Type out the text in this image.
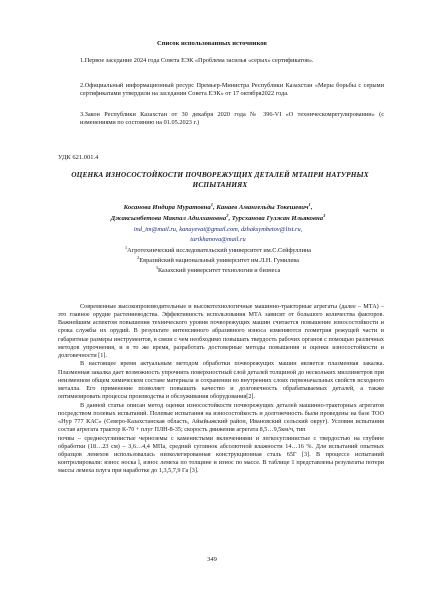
Список использованных источников
1.Первое заседание 2024 года Совета ЕЭК «Проблема засилья «серых» сертификатов».
2.Официальный информационный ресурс Премьер-Министра Республики Казахстан «Меры борьбы с серыми сертификатами утвердили на заседании Совета ЕЭК» от 17 октября2022 года.
3.Закон Республики Казахстан от 30 декабря 2020 года № 396-VI «О техническомрегулировании» (с изменениями по состоянию на 01.05.2023 г.)
УДК 621.001.4
ОЦЕНКА ИЗНОСОСТОЙКОСТИ ПОЧВОРЕЖУЩИХ ДЕТАЛЕЙ МТАПРИ НАТУРНЫХ ИСПЫТАНИЯХ
Косанова Индира Муратовна$^1$, Канаев Амангельды Токешевич$^1$,
Джаксымбетова Макпал Адилхановна$^2$, Турсханова Гулжан Ильяковна$^3$
ind_im@mail.ru, kanayevat@gmail.com, dzhaksymbetov@list.ru,
turikhanova@mail.ru
$^1$Агротехнический исследовательский университет им.С.Сейфуллина
$^2$Евразийский национальный университет им.Л.Н. Гумилева
$^3$Казахский университет технологии и бизнеса

Современные высокопроизводительные и высокотехнологичные машинно-тракторные агрегаты (далее – МТА) – это главное орудие растениеводства. Эффективность использования МТА зависит от большого количества факторов. Важнейшим аспектом повышения технического уровня почворежущих машин считается повышение износостойкости и срока службы их орудий. В результате интенсивного абразивного износа изменяются геометрия режущей части и габаритные размеры инструментов, в связи с чем необходимо повышать твердость рабочих органов с помощью различных методов упрочнения, и в то же время, разработать достоверные методы повышения и оценки износостойкости и долговечности [1].

В настоящее время актуальным методом обработки почворежущих машин является плазменная закалка. Плазменная закалка дает возможность упрочнить поверхностный слой деталей толщиной до нескольких миллиметров при неизменном общем химическом составе материала и сохранении во внутренних слоях первоначальных свойств исходного металла. Его применение позволяет повышать качество и долговечность обрабатываемых деталей, а также оптимизировать процессы производства и обслуживания оборудования[2].

В данной статье описан метод оценки износостойкости почворежущих деталей машинно-тракторных агрегатов посредством полевых испытаний. Полевые испытания на износостойкость и долговечность были проведены на базе ТОО «Нур 777 КАС» (Северо-Казахстанская область, Айыйыжский район, Ивановский сельский округ). Условия испытания состав агрегата трактор К-70 + плуг ПЛН-8-35; скорость движения агрегата 8,5…9,5км/ч, тип

почвы – среднесуглинистые черноземы с каменистыми включениями и легкосуглинистые с твердостью на глубине обработки (18…23 см) – 3,6…4,4 МПа, средний суглинок абсолютной влажности 14…16 %. Для испытаний опытных образцов лемехов использовалась низколегированная конструкционная сталь 65Г [3]. В процессе испытаний контролировали: износ носка l, износ лемеха по толщине и износ по массе. В таблице 1 представлены результаты потери массы лемеха плуга при наработке до 1,3,5,7,9 Га [3].

349
